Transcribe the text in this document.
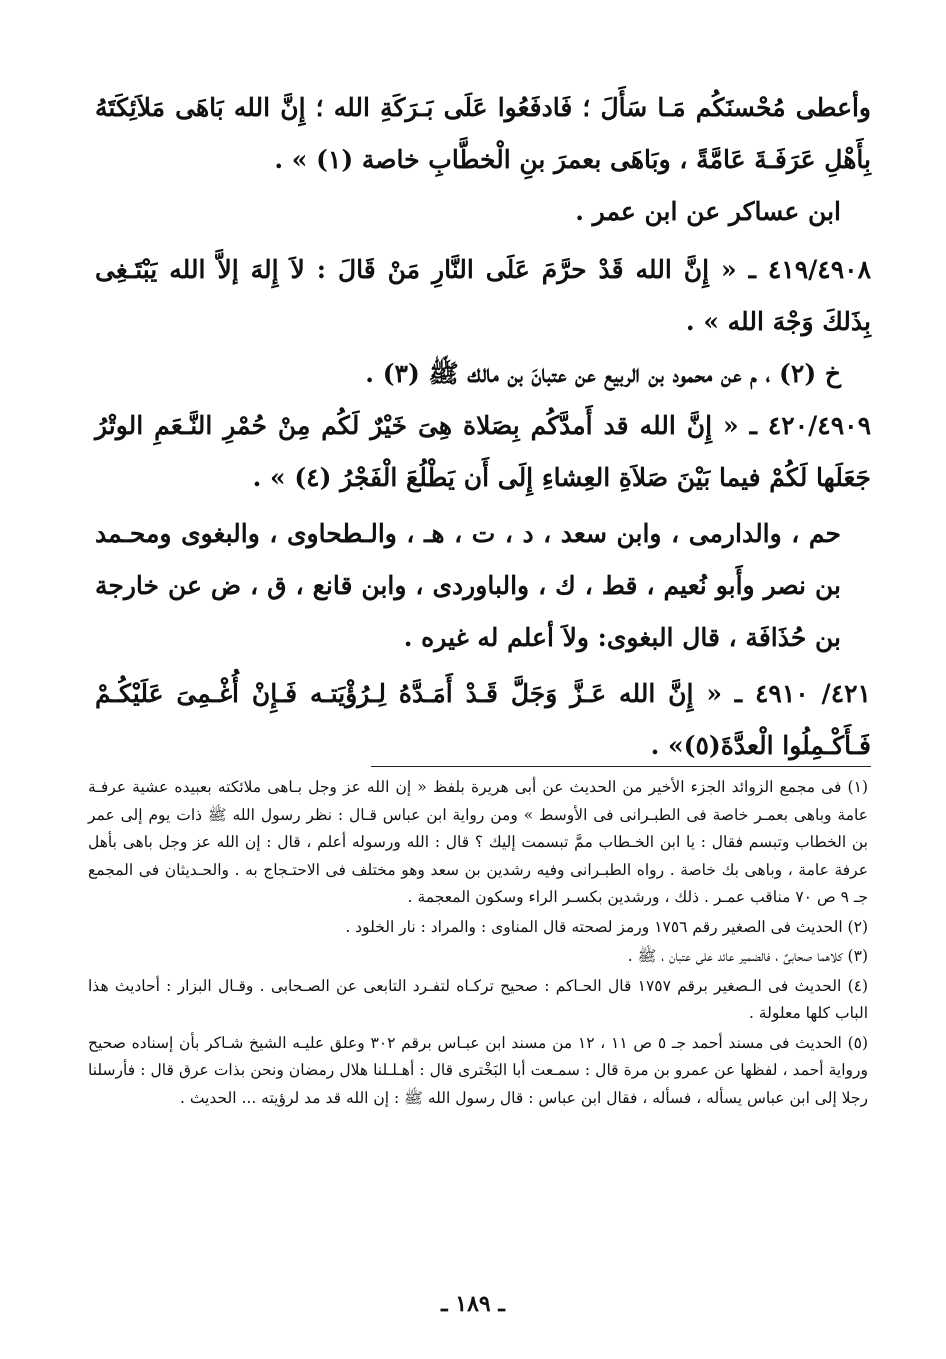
وأعطى مُحْسنَكُم مَـا سَأَلَ ؛ فَادفَعُوا عَلَى بَـرَكَةِ الله ؛ إِنَّ الله بَاهَى مَلاَئِكَتَهُ بِأَهْلِ عَرَفَـةَ عَامَّةً ، وبَاهَى بعمرَ بنِ الْخطَّابِ خاصة (١) » .

ابن عساكر عن ابن عمر .

٤١٩/٤٩٠٨ ـ « إِنَّ الله قَدْ حرَّمَ عَلَى النَّارِ مَنْ قَالَ : لاَ إِلهَ إلاَّ الله يَبْتَـغِى بِذَلكَ وَجْهَ الله » .

خ (٢) ، م عن محمود بن الربيع عن عتبانَ بن مالك ﷺ (٣) .

٤٢٠/٤٩٠٩ ـ « إِنَّ الله قد أَمدَّكُم بِصَلاة هِىَ خَيْرٌ لَكُم مِنْ حُمْرِ النَّـعَمِ الوتْرُ جَعَلَها لَكُمْ فيما بَيْنَ صَلاَةِ العِشاءِ إِلَى أَن يَطْلُعَ الْفَجْرُ (٤) » .

حم ، والدارمى ، وابن سعد ، د ، ت ، هـ ، والـطحاوى ، والبغوى ومحـمد بن نصر وأَبو نُعيم ، قط ، ك ، والباوردى ، وابن قانع ، ق ، ض عن خارجة بن حُذَافَة ، قال البغوى: ولاَ أعلم له غيره .

٤٢١/ ٤٩١٠ ـ « إِنَّ الله عَـزَّ وَجَلَّ قَـدْ أَمَـدَّهُ لِـرُؤْيَتـه فَـإِنْ أُغْـمِىَ عَلَيْكُـمْ فَـأَكْـمِلُوا الْعدَّةَ(٥)» .

(١) فى مجمع الزوائد الجزء الأخير من الحديث عن أبى هريرة بلفظ « إن الله عز وجل بـاهى ملائكته بعبيده عشية عرفـة عامة وباهى بعمـر خاصة فى الطبـرانى فى الأوسط » ومن رواية ابن عباس قـال : نظر رسول الله ﷺ ذات يوم إلى عمر بن الخطاب وتبسم فقال : يا ابن الخـطاب ممَّ تبسمت إليك ؟ قال : الله ورسوله أعلم ، قال : إن الله عز وجل باهى بأهل عرفة عامة ، وباهى بك خاصة . رواه الطبـرانى وفيه رشدين بن سعد وهو مختلف فى الاحتـجاج به . والحـديثان فى المجمع جـ ٩ ص ٧٠ مناقب عمـر . ذلك ، ورشدين بكسـر الراء وسكون المعجمة .

(٢) الحديث فى الصغير رقم ١٧٥٦ ورمز لصحته قال المناوى : والمراد : نار الخلود .

(٣) كلاهما صحابىٌ ، فالضمير عائد على عتبان ، ﷺ .

(٤) الحديث فى الـصغير برقم ١٧٥٧ قال الحـاكم : صحيح تركـاه لتفـرد التابعى عن الصـحابى . وقـال البزار : أحاديث هذا الباب كلها معلولة .

(٥) الحديث فى مسند أحمد جـ ٥ ص ١١ ، ١٢ من مسند ابن عبـاس برقم ٣٠٢ وعلق عليـه الشيخ شـاكر بأن إسناده صحيح ورواية أحمد ، لفظها عن عمرو بن مرة قال : سمـعت أبا البَخْترى قال : أهـلـلنا هلال رمضان ونحن بذات عرق قال : فأرسلنا رجلا إلى ابن عباس يسأله ، فسأله ، فقال ابن عباس : قال رسول الله ﷺ : إن الله قد مد لرؤيته ... الحديث .

ـ ١٨٩ ـ
